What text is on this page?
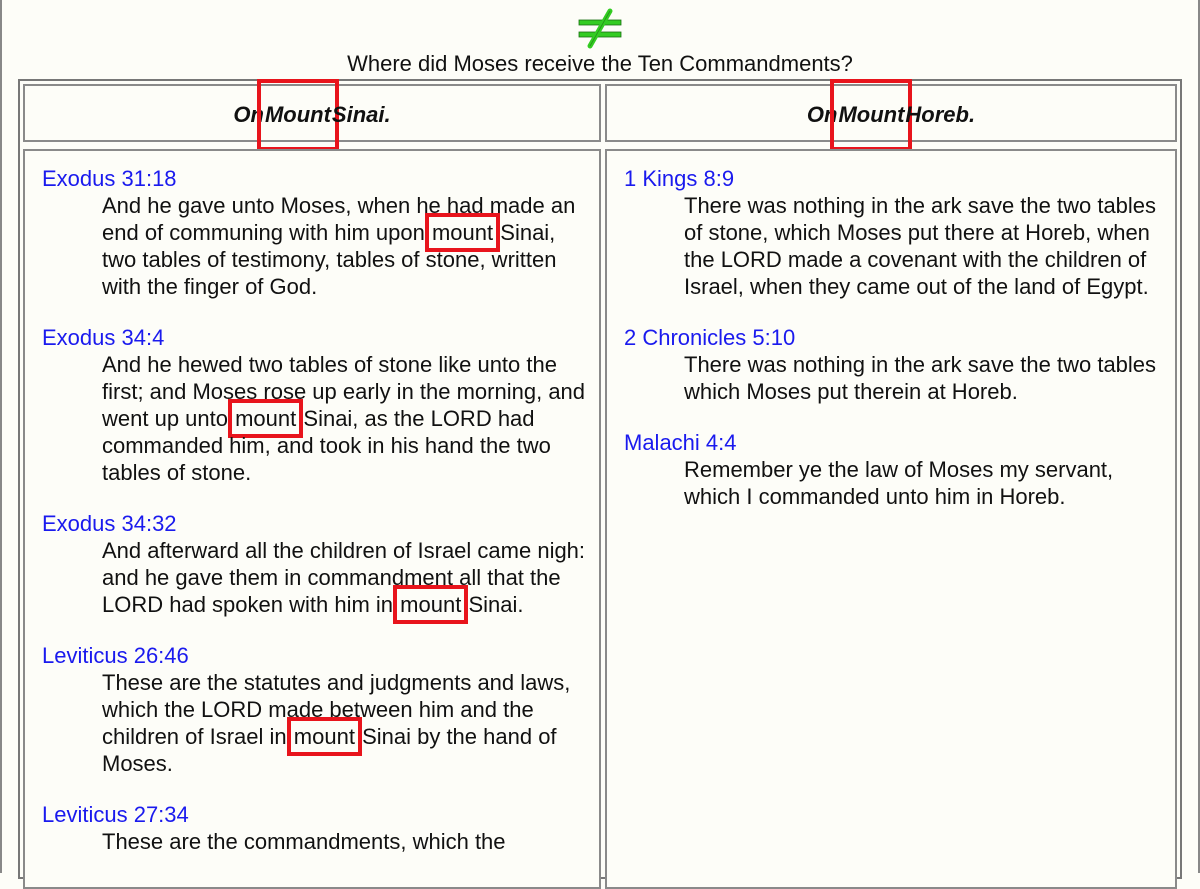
Where did Moses receive the Ten Commandments?
OnMountSinai.	OnMountHoreb.
Exodus 31:18
And he gave unto Moses, when he had made an end of communing with him upon mount Sinai, two tables of testimony, tables of stone, written with the finger of God.
Exodus 34:4
And he hewed two tables of stone like unto the first; and Moses rose up early in the morning, and went up unto mount Sinai, as the LORD had commanded him, and took in his hand the two tables of stone.
Exodus 34:32
And afterward all the children of Israel came nigh: and he gave them in commandment all that the LORD had spoken with him in mount Sinai.
Leviticus 26:46
These are the statutes and judgments and laws, which the LORD made between him and the children of Israel in mount Sinai by the hand of Moses.
Leviticus 27:34
These are the commandments, which the
1 Kings 8:9
There was nothing in the ark save the two tables of stone, which Moses put there at Horeb, when the LORD made a covenant with the children of Israel, when they came out of the land of Egypt.
2 Chronicles 5:10
There was nothing in the ark save the two tables which Moses put therein at Horeb.
Malachi 4:4
Remember ye the law of Moses my servant, which I commanded unto him in Horeb.
